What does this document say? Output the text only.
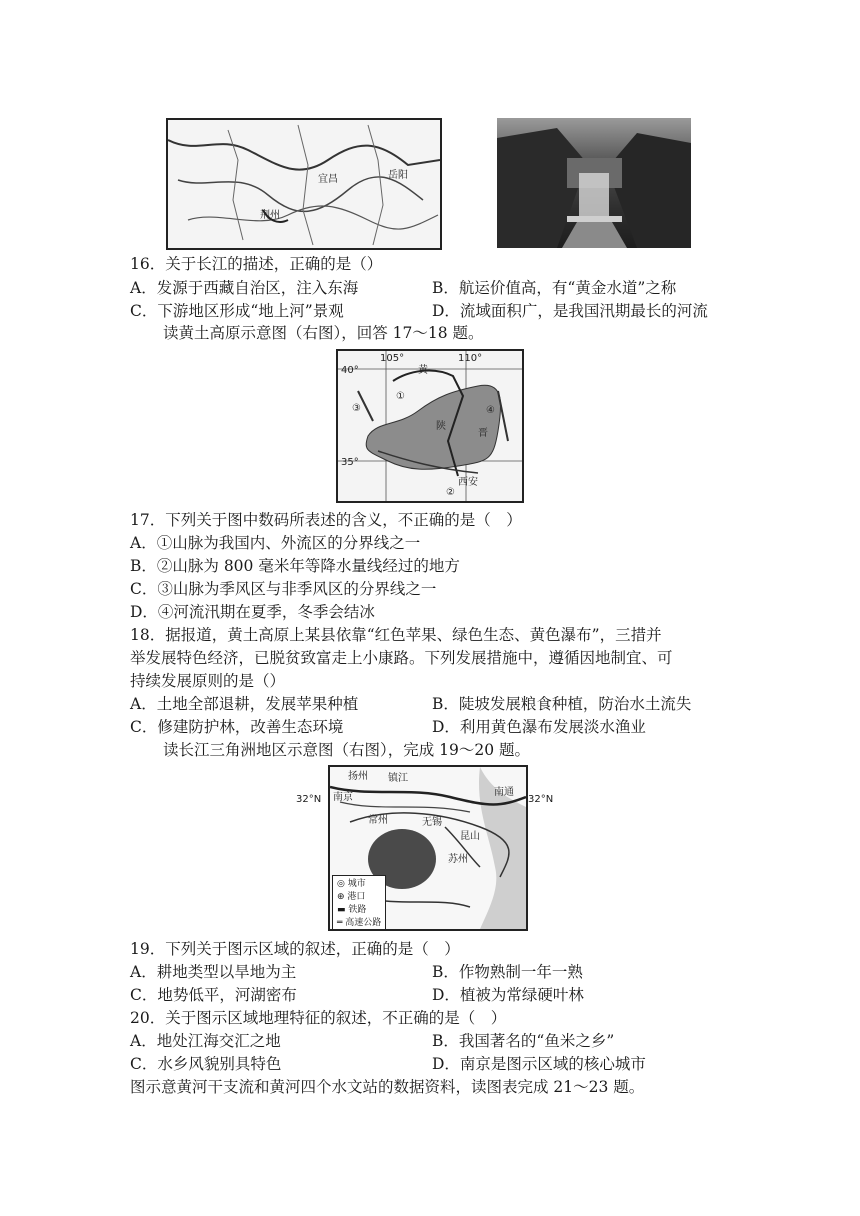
宜昌
荆州
岳阳
16．关于长江的描述，正确的是（）
A．发源于西藏自治区，注入东海	B．航运价值高，有“黄金水道”之称
C．下游地区形成“地上河”景观	D．流域面积广，是我国汛期最长的河流
读黄土高原示意图（右图），回答 17～18 题。
105°	110°
40°
35°
①
②
③	④
西安
陕
晋
黄
17．下列关于图中数码所表述的含义，不正确的是（　）
A．①山脉为我国内、外流区的分界线之一
B．②山脉为 800 毫米年等降水量线经过的地方
C．③山脉为季风区与非季风区的分界线之一
D．④河流汛期在夏季，冬季会结冰
18．据报道，黄土高原上某县依靠“红色苹果、绿色生态、黄色瀑布”，三措并
举发展特色经济，已脱贫致富走上小康路。下列发展措施中，遵循因地制宜、可
持续发展原则的是（）
A．土地全部退耕，发展苹果种植	B．陡坡发展粮食种植，防治水土流失
C．修建防护林，改善生态环境	D．利用黄色瀑布发展淡水渔业
读长江三角洲地区示意图（右图），完成 19～20 题。
扬州 镇江
南京
常州	无锡
苏州
昆山
南通
◎ 城市
⊕ 港口
▬ 铁路
═ 高速公路
32°N	32°N
19．下列关于图示区域的叙述，正确的是（　）
A．耕地类型以旱地为主	B．作物熟制一年一熟
C．地势低平，河湖密布	D．植被为常绿硬叶林
20．关于图示区域地理特征的叙述，不正确的是（　）
A．地处江海交汇之地	B．我国著名的“鱼米之乡”
C．水乡风貌别具特色	D．南京是图示区域的核心城市
图示意黄河干支流和黄河四个水文站的数据资料，读图表完成 21～23 题。
